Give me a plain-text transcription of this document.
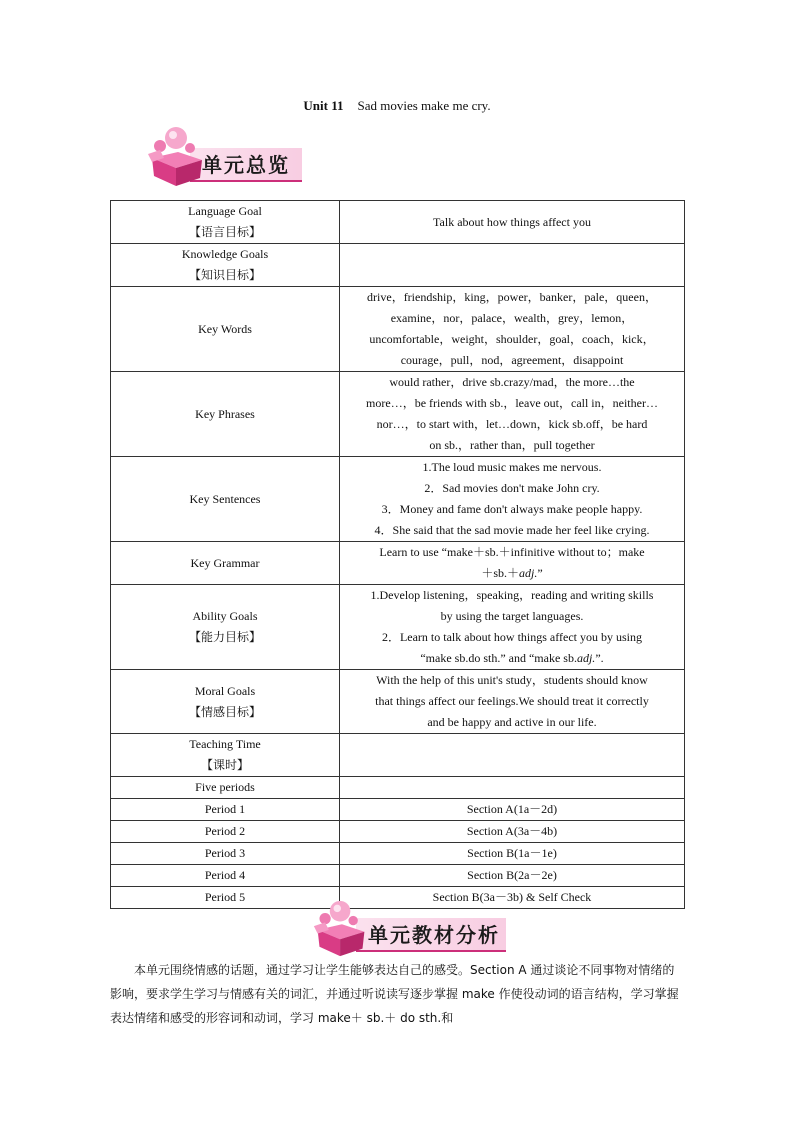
Unit 11 Sad movies make me cry.
单元总览
Language Goal
【语言目标】	Talk about how things affect you
Knowledge Goals
【知识目标】	
Key Words	drive，friendship，king，power，banker，pale，queen，
examine，nor，palace，wealth，grey，lemon，
uncomfortable，weight，shoulder，goal，coach，kick，
courage，pull，nod，agreement，disappoint
Key Phrases	would rather，drive sb.crazy/mad，the more…the
more…，be friends with sb.，leave out，call in，neither…
nor…，to start with，let…down，kick sb.off，be hard
on sb.，rather than，pull together
Key Sentences	1.The loud music makes me nervous.
2．Sad movies don't make John cry.
3．Money and fame don't always make people happy.
4．She said that the sad movie made her feel like crying.
Key Grammar	Learn to use “make＋sb.＋infinitive without to；make
＋sb.＋adj.”
Ability Goals
【能力目标】	1.Develop listening，speaking，reading and writing skills
by using the target languages.
2．Learn to talk about how things affect you by using
“make sb.do sth.” and “make sb.adj.”.
Moral Goals
【情感目标】	With the help of this unit's study，students should know
that things affect our feelings.We should treat it correctly
and be happy and active in our life.
Teaching Time
【课时】	
Five periods	
Period 1	Section A(1a－2d)
Period 2	Section A(3a－4b)
Period 3	Section B(1a－1e)
Period 4	Section B(2a－2e)
Period 5	Section B(3a－3b) & Self Check
单元教材分析
本单元围绕情感的话题，通过学习让学生能够表达自己的感受。Section A 通过谈论不同事物对情绪的影响，要求学生学习与情感有关的词汇，并通过听说读写逐步掌握 make 作使役动词的语言结构，学习掌握表达情绪和感受的形容词和动词，学习 make＋ sb.＋ do sth.和
